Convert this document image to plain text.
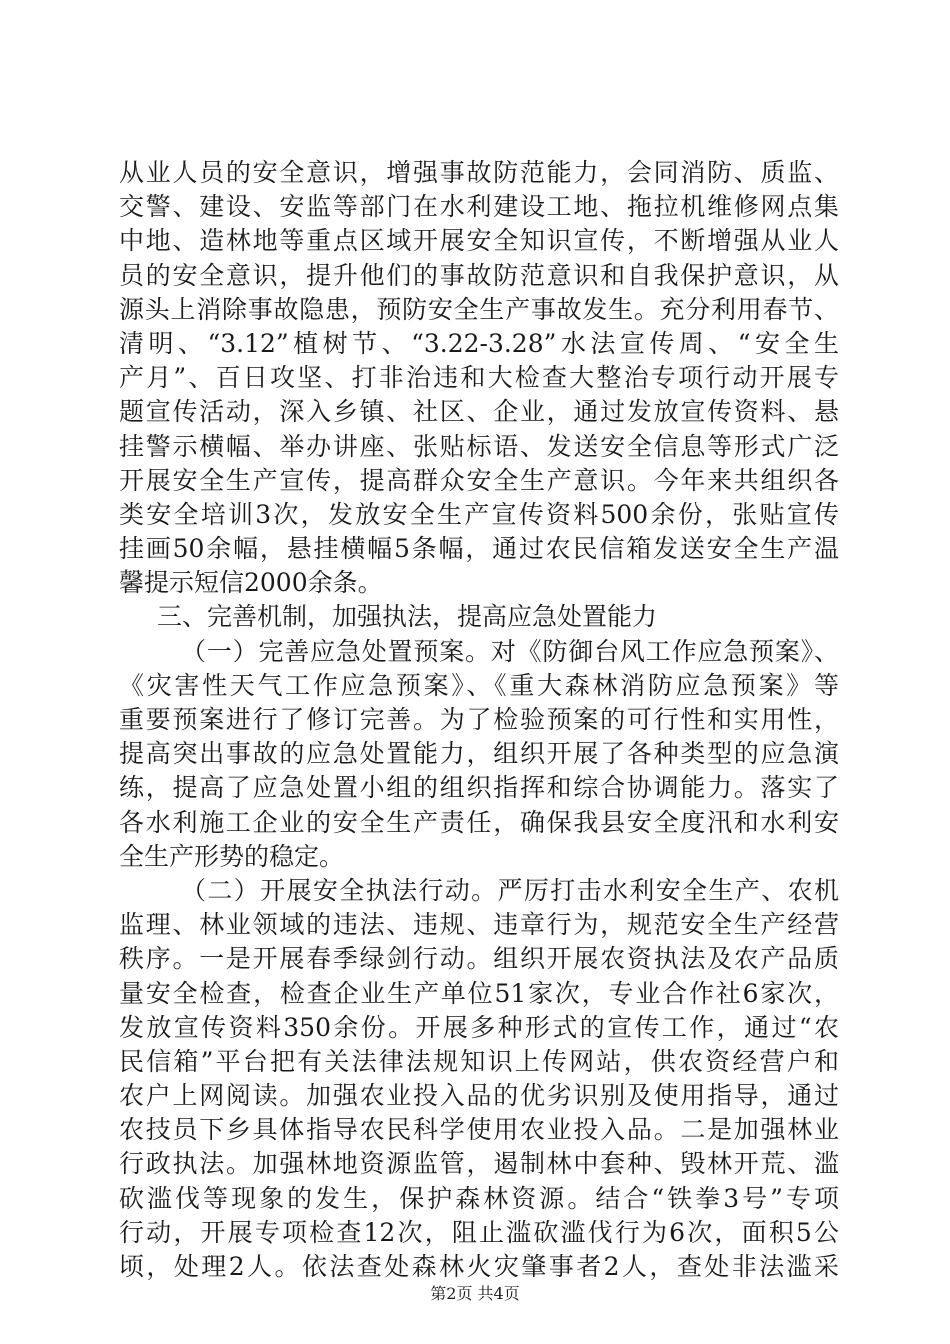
从业人员的安全意识，增强事故防范能力，会同消防、质监、
交警、建设、安监等部门在水利建设工地、拖拉机维修网点集
中地、造林地等重点区域开展安全知识宣传，不断增强从业人
员的安全意识，提升他们的事故防范意识和自我保护意识，从
源头上消除事故隐患，预防安全生产事故发生。充分利用春节、
清明、“3.12”植树节、“3.22-3.28”水法宣传周、“安全生
产月”、百日攻坚、打非治违和大检查大整治专项行动开展专
题宣传活动，深入乡镇、社区、企业，通过发放宣传资料、悬
挂警示横幅、举办讲座、张贴标语、发送安全信息等形式广泛
开展安全生产宣传，提高群众安全生产意识。今年来共组织各
类安全培训3次，发放安全生产宣传资料500余份，张贴宣传
挂画50余幅，悬挂横幅5条幅，通过农民信箱发送安全生产温
馨提示短信2000余条。
三、完善机制，加强执法，提高应急处置能力
（一）完善应急处置预案。对《防御台风工作应急预案》、
《灾害性天气工作应急预案》、《重大森林消防应急预案》等
重要预案进行了修订完善。为了检验预案的可行性和实用性，
提高突出事故的应急处置能力，组织开展了各种类型的应急演
练，提高了应急处置小组的组织指挥和综合协调能力。落实了
各水利施工企业的安全生产责任，确保我县安全度汛和水利安
全生产形势的稳定。
（二）开展安全执法行动。严厉打击水利安全生产、农机
监理、林业领域的违法、违规、违章行为，规范安全生产经营
秩序。一是开展春季绿剑行动。组织开展农资执法及农产品质
量安全检查，检查企业生产单位51家次，专业合作社6家次，
发放宣传资料350余份。开展多种形式的宣传工作，通过“农
民信箱”平台把有关法律法规知识上传网站，供农资经营户和
农户上网阅读。加强农业投入品的优劣识别及使用指导，通过
农技员下乡具体指导农民科学使用农业投入品。二是加强林业
行政执法。加强林地资源监管，遏制林中套种、毁林开荒、滥
砍滥伐等现象的发生，保护森林资源。结合“铁拳3号”专项
行动，开展专项检查12次，阻止滥砍滥伐行为6次，面积5公
顷，处理2人。依法查处森林火灾肇事者2人，查处非法滥采
第2页 共4页
